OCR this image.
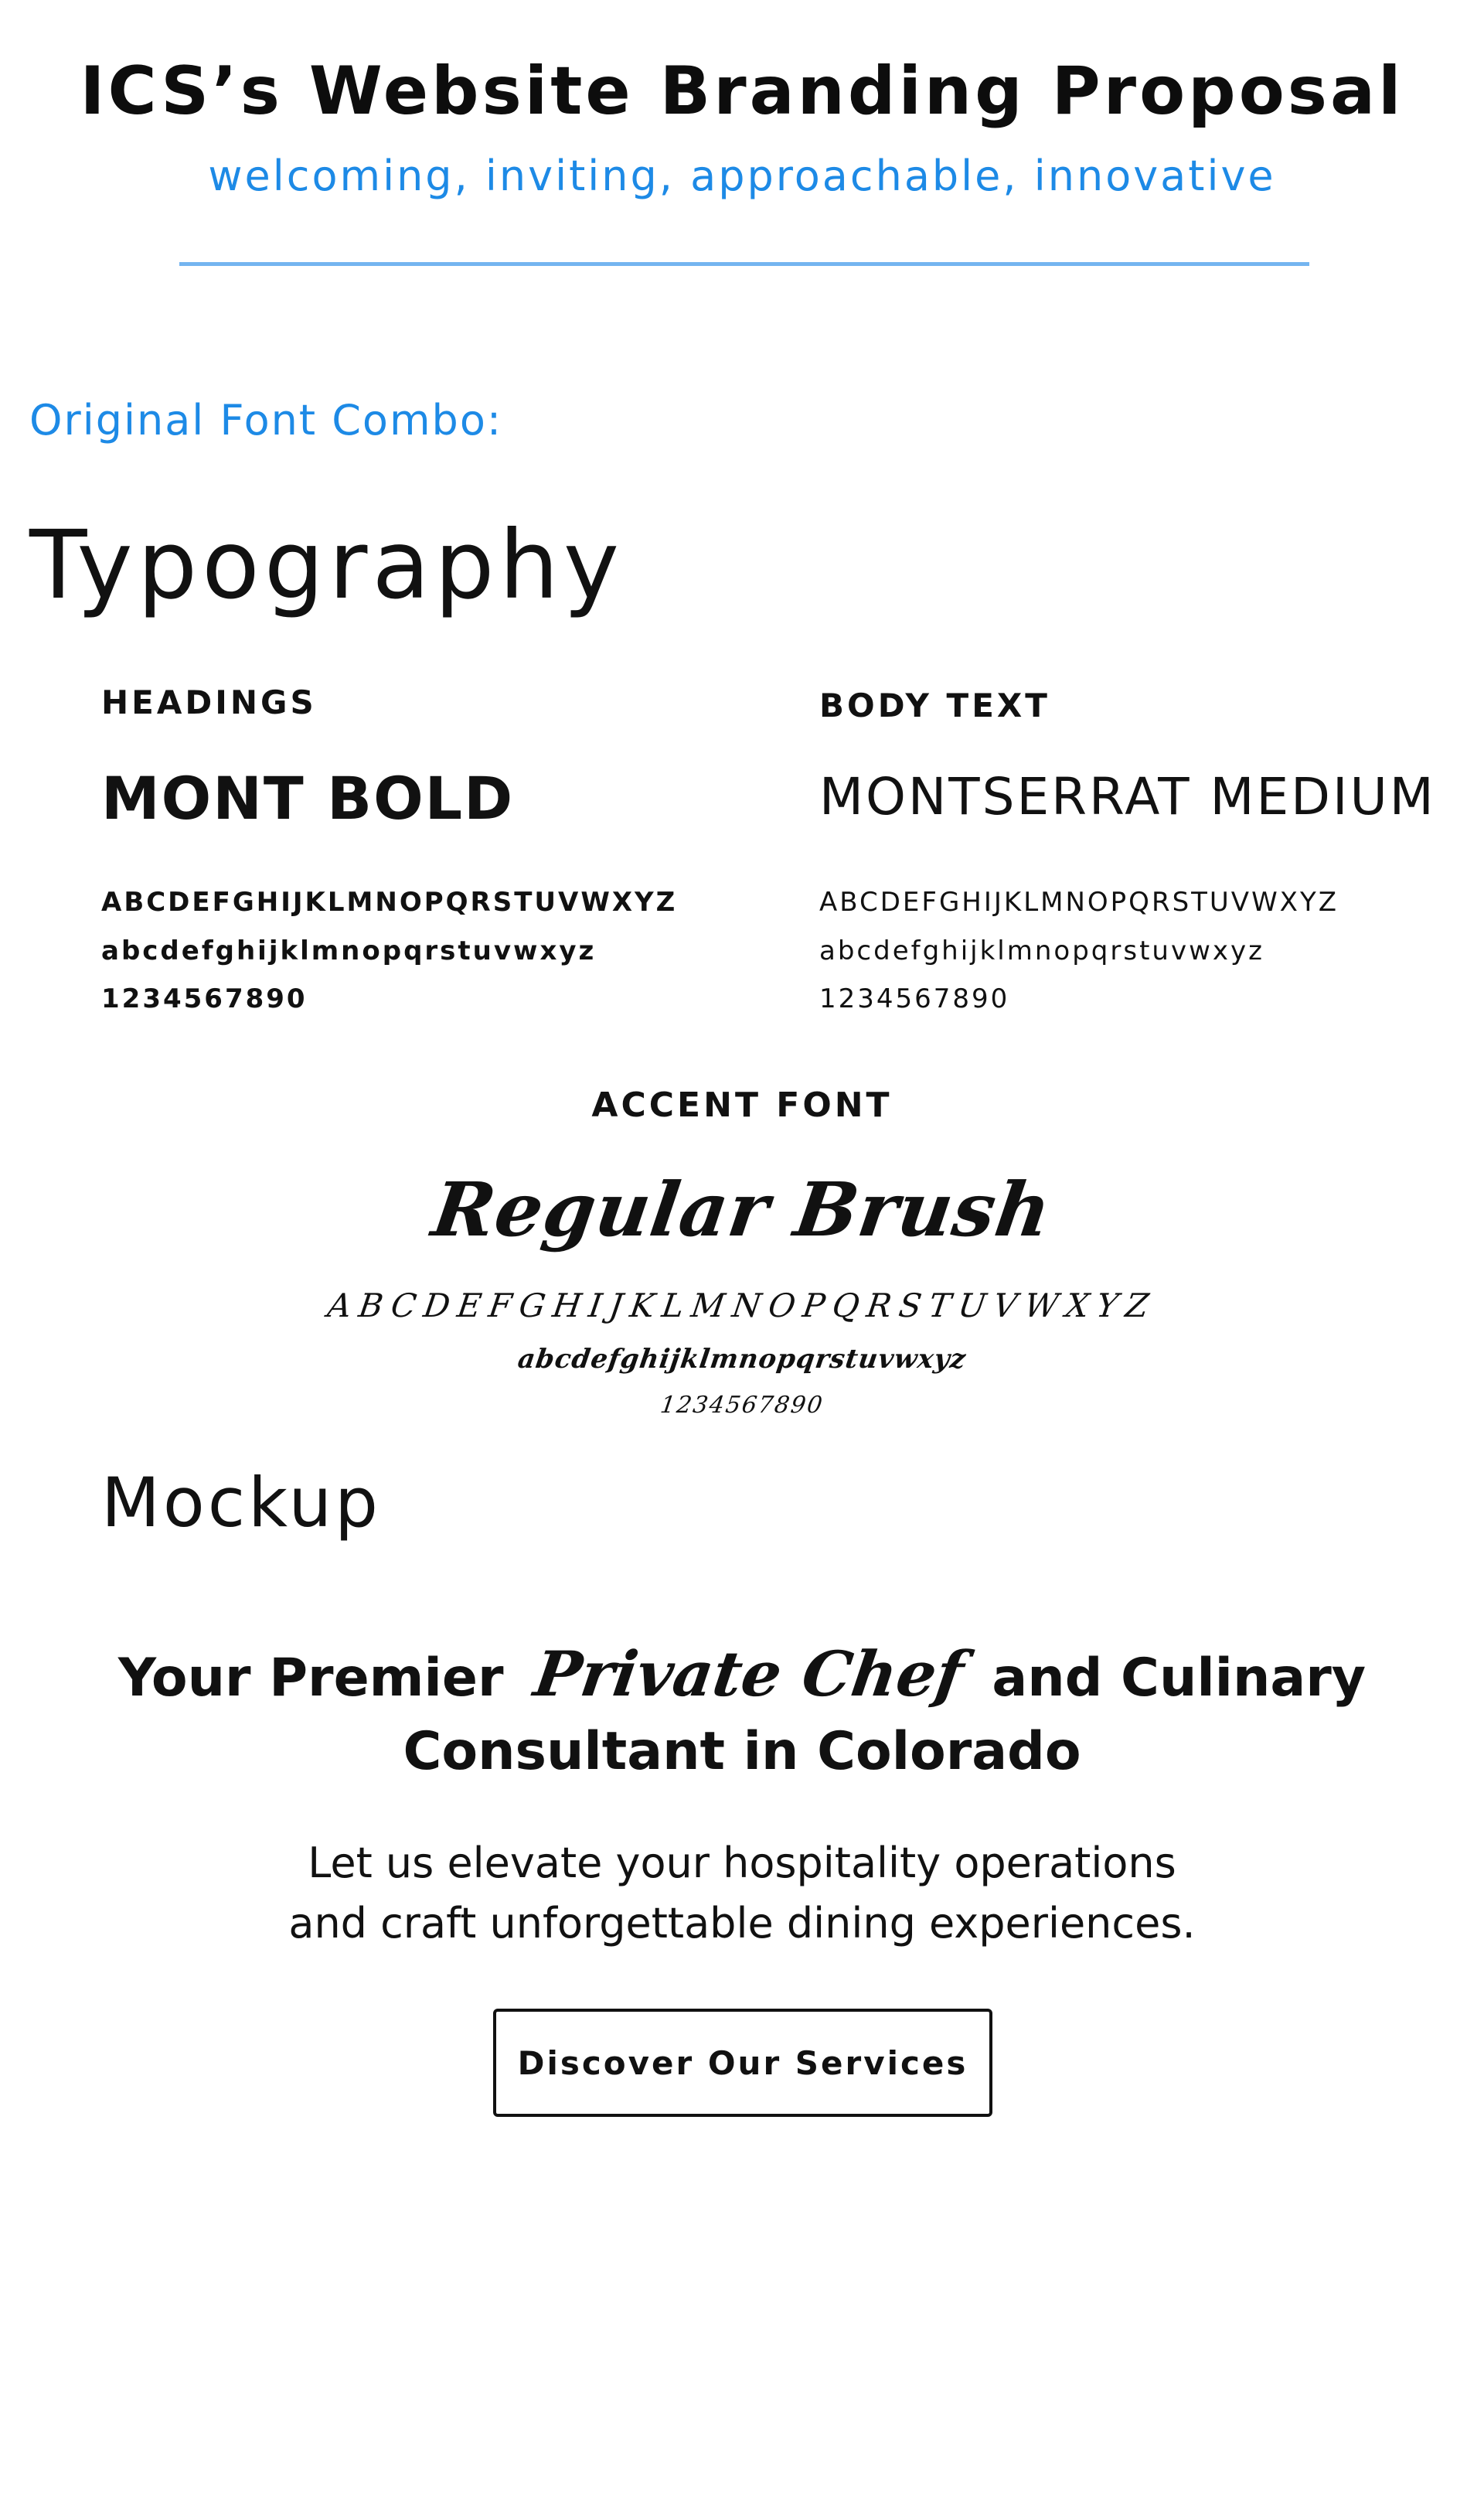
ICS’s Website Branding Proposal
welcoming, inviting, approachable, innovative
Original Font Combo:
Typography
HEADINGS
MONT BOLD
ABCDEFGHIJKLMNOPQRSTUVWXYZ
abcdefghijklmnopqrstuvwxyz
1234567890
BODY TEXT
MONTSERRAT MEDIUM
ABCDEFGHIJKLMNOPQRSTUVWXYZ
abcdefghijklmnopqrstuvwxyz
1234567890
ACCENT FONT
Regular Brush
ABCDEFGHIJKLMNOPQRSTUVWXYZ
abcdefghijklmnopqrstuvwxyz
1234567890
Mockup
Your Premier Private Chef and Culinary
Consultant in Colorado
Let us elevate your hospitality operations
and craft unforgettable dining experiences.
Discover Our Services
